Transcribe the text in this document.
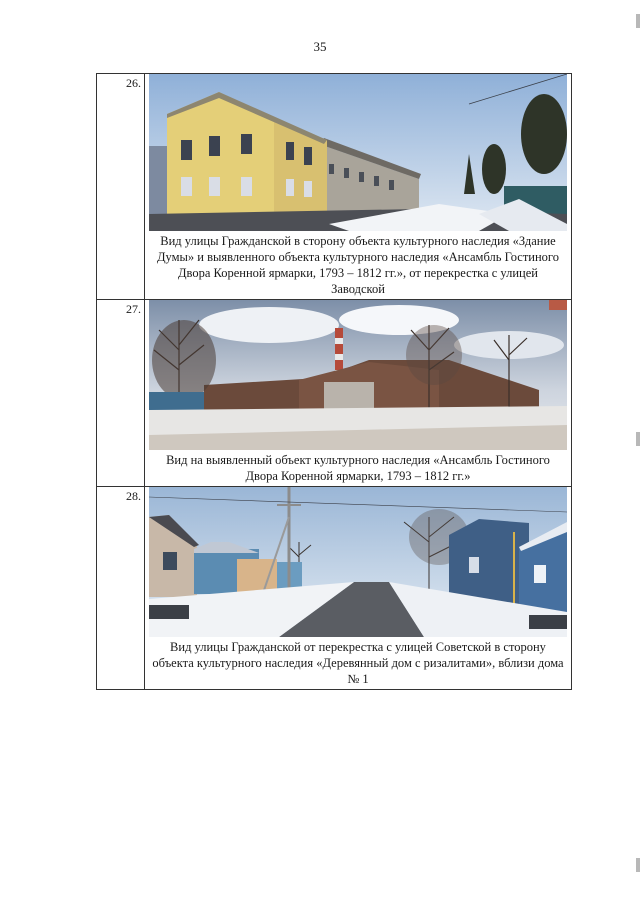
35
26.	Вид улицы Гражданской в сторону объекта культурного наследия «Здание Думы» и выявленного объекта культурного наследия «Ансамбль Гостиного Двора Коренной ярмарки, 1793 – 1812 гг.», от перекрестка с улицей Заводской

27.	Вид на выявленный объект культурного наследия «Ансамбль Гостиного Двора Коренной ярмарки, 1793 – 1812 гг.»

28.	Вид улицы Гражданской от перекрестка с улицей Советской в сторону объекта культурного наследия «Деревянный дом с ризалитами», вблизи дома № 1
